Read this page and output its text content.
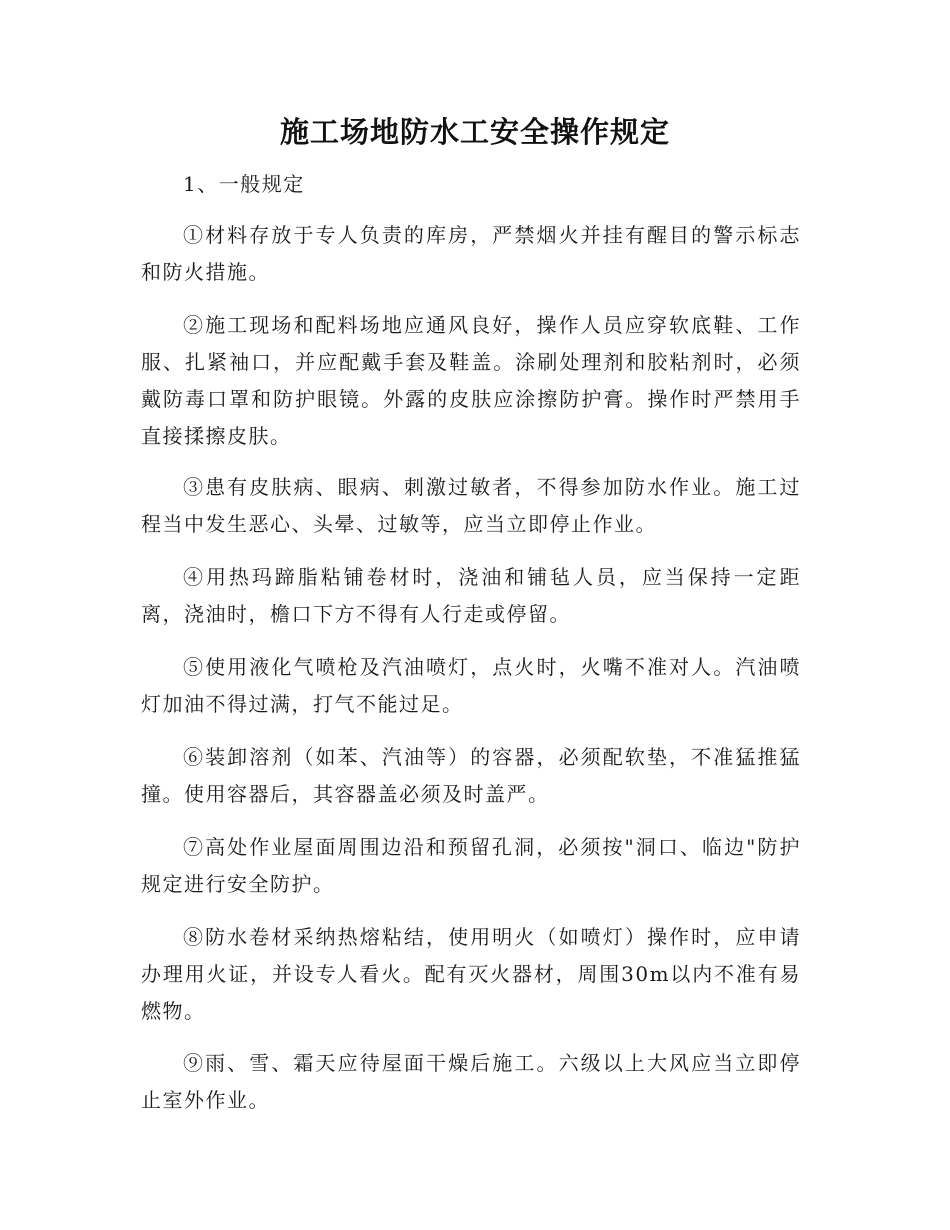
施工场地防水工安全操作规定
1、一般规定
①材料存放于专人负责的库房，严禁烟火并挂有醒目的警示标志和防火措施。
②施工现场和配料场地应通风良好，操作人员应穿软底鞋、工作服、扎紧袖口，并应配戴手套及鞋盖。涂刷处理剂和胶粘剂时，必须戴防毒口罩和防护眼镜。外露的皮肤应涂擦防护膏。操作时严禁用手直接揉擦皮肤。
③患有皮肤病、眼病、刺激过敏者，不得参加防水作业。施工过程当中发生恶心、头晕、过敏等，应当立即停止作业。
④用热玛蹄脂粘铺卷材时，浇油和铺毡人员，应当保持一定距离，浇油时，檐口下方不得有人行走或停留。
⑤使用液化气喷枪及汽油喷灯，点火时，火嘴不准对人。汽油喷灯加油不得过满，打气不能过足。
⑥装卸溶剂（如苯、汽油等）的容器，必须配软垫，不准猛推猛撞。使用容器后，其容器盖必须及时盖严。
⑦高处作业屋面周围边沿和预留孔洞，必须按"洞口、临边"防护规定进行安全防护。
⑧防水卷材采纳热熔粘结，使用明火（如喷灯）操作时，应申请办理用火证，并设专人看火。配有灭火器材，周围30m以内不准有易燃物。
⑨雨、雪、霜天应待屋面干燥后施工。六级以上大风应当立即停止室外作业。
